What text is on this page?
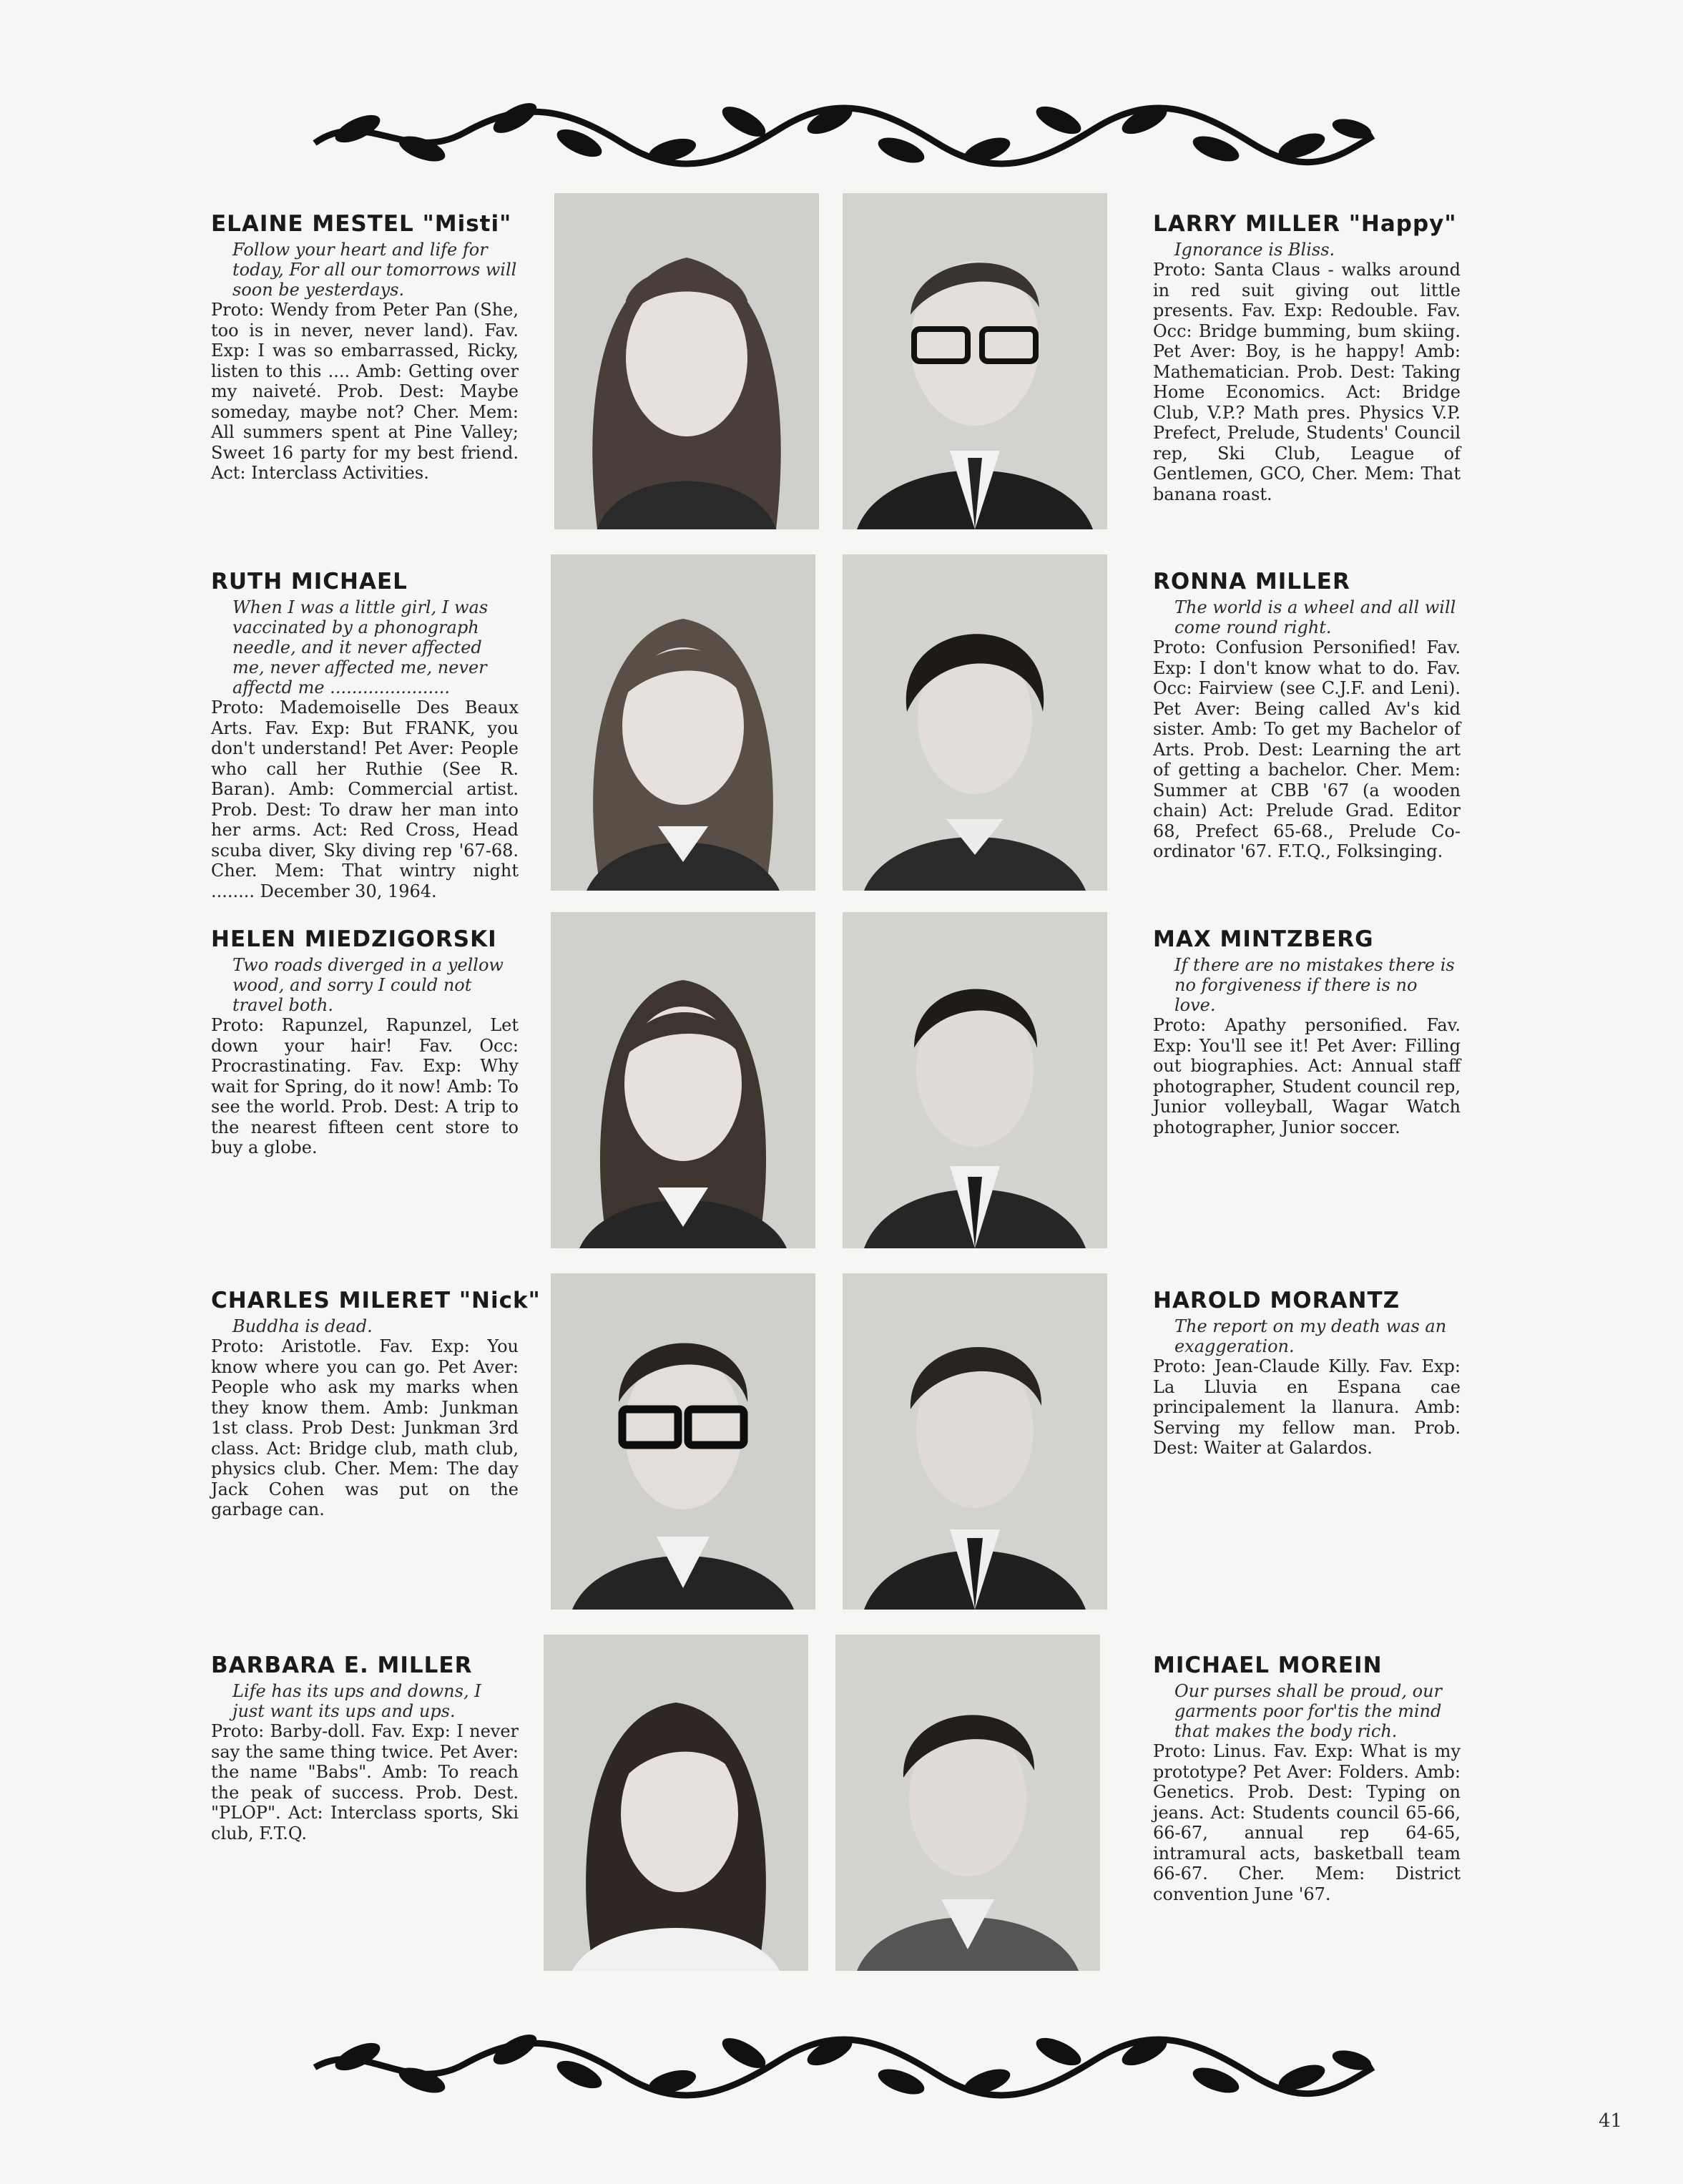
ELAINE MESTEL "Misti"

Follow your heart and life for today, For all our tomorrows will soon be yesterdays.

Proto: Wendy from Peter Pan (She, too is in never, never land). Fav. Exp: I was so embarrassed, Ricky, listen to this .... Amb: Getting over my naiveté. Prob. Dest: Maybe someday, maybe not? Cher. Mem: All summers spent at Pine Valley; Sweet 16 party for my best friend. Act: Interclass Activities.

LARRY MILLER "Happy"

Ignorance is Bliss.

Proto: Santa Claus - walks around in red suit giving out little presents. Fav. Exp: Redouble. Fav. Occ: Bridge bumming, bum skiing. Pet Aver: Boy, is he happy! Amb: Mathematician. Prob. Dest: Taking Home Economics. Act: Bridge Club, V.P.? Math pres. Physics V.P. Prefect, Prelude, Students' Council rep, Ski Club, League of Gentlemen, GCO, Cher. Mem: That banana roast.

RUTH MICHAEL

When I was a little girl, I was vaccinated by a phonograph needle, and it never affected me, never affected me, never affectd me ......................

Proto: Mademoiselle Des Beaux Arts. Fav. Exp: But FRANK, you don't understand! Pet Aver: People who call her Ruthie (See R. Baran). Amb: Commercial artist. Prob. Dest: To draw her man into her arms. Act: Red Cross, Head scuba diver, Sky diving rep '67-68. Cher. Mem: That wintry night ........ December 30, 1964.

RONNA MILLER

The world is a wheel and all will come round right.

Proto: Confusion Personified! Fav. Exp: I don't know what to do. Fav. Occ: Fairview (see C.J.F. and Leni). Pet Aver: Being called Av's kid sister. Amb: To get my Bachelor of Arts. Prob. Dest: Learning the art of getting a bachelor. Cher. Mem: Summer at CBB '67 (a wooden chain) Act: Prelude Grad. Editor 68, Prefect 65-68., Prelude Co-ordinator '67. F.T.Q., Folksinging.

HELEN MIEDZIGORSKI

Two roads diverged in a yellow wood, and sorry I could not travel both.

Proto: Rapunzel, Rapunzel, Let down your hair! Fav. Occ: Procrastinating. Fav. Exp: Why wait for Spring, do it now! Amb: To see the world. Prob. Dest: A trip to the nearest fifteen cent store to buy a globe.

MAX MINTZBERG

If there are no mistakes there is no forgiveness if there is no love.

Proto: Apathy personified. Fav. Exp: You'll see it! Pet Aver: Filling out biographies. Act: Annual staff photographer, Student council rep, Junior volleyball, Wagar Watch photographer, Junior soccer.

CHARLES MILERET "Nick"

Buddha is dead.

Proto: Aristotle. Fav. Exp: You know where you can go. Pet Aver: People who ask my marks when they know them. Amb: Junkman 1st class. Prob Dest: Junkman 3rd class. Act: Bridge club, math club, physics club. Cher. Mem: The day Jack Cohen was put on the garbage can.

HAROLD MORANTZ

The report on my death was an exaggeration.

Proto: Jean-Claude Killy. Fav. Exp: La Lluvia en Espana cae principalement la llanura. Amb: Serving my fellow man. Prob. Dest: Waiter at Galardos.

BARBARA E. MILLER

Life has its ups and downs, I just want its ups and ups.

Proto: Barby-doll. Fav. Exp: I never say the same thing twice. Pet Aver: the name "Babs". Amb: To reach the peak of success. Prob. Dest. "PLOP". Act: Interclass sports, Ski club, F.T.Q.

MICHAEL MOREIN

Our purses shall be proud, our garments poor for'tis the mind that makes the body rich.

Proto: Linus. Fav. Exp: What is my prototype? Pet Aver: Folders. Amb: Genetics. Prob. Dest: Typing on jeans. Act: Students council 65-66, 66-67, annual rep 64-65, intramural acts, basketball team 66-67. Cher. Mem: District convention June '67.

41
